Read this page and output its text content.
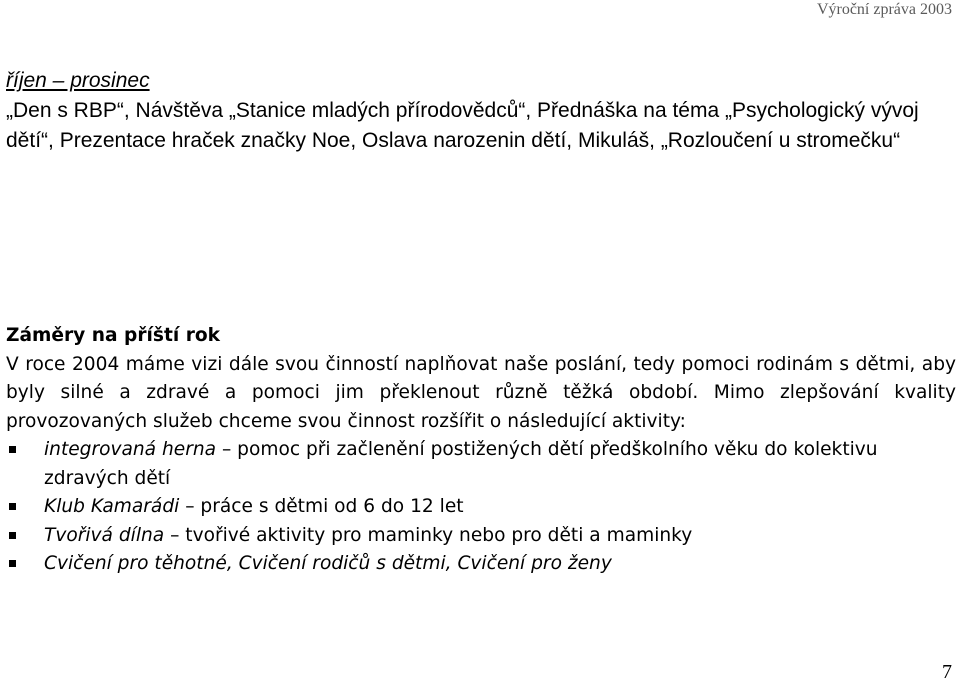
Výroční zpráva 2003
říjen – prosinec
„Den s RBP“, Návštěva „Stanice mladých přírodovědců“, Přednáška na téma „Psychologický vývoj dětí“, Prezentace hraček značky Noe, Oslava narozenin dětí, Mikuláš, „Rozloučení u stromečku“
Záměry na příští rok
V roce 2004 máme vizi dále svou činností naplňovat naše poslání, tedy pomoci rodinám s dětmi, aby byly silné a zdravé a pomoci jim překlenout různě těžká období. Mimo zlepšování kvality provozovaných služeb chceme svou činnost rozšířit o následující aktivity:
integrovaná herna – pomoc při začlenění postižených dětí předškolního věku do kolektivu zdravých dětí
Klub Kamarádi – práce s dětmi od 6 do 12 let
Tvořivá dílna – tvořivé aktivity pro maminky nebo pro děti a maminky
Cvičení pro těhotné, Cvičení rodičů s dětmi, Cvičení pro ženy
7
